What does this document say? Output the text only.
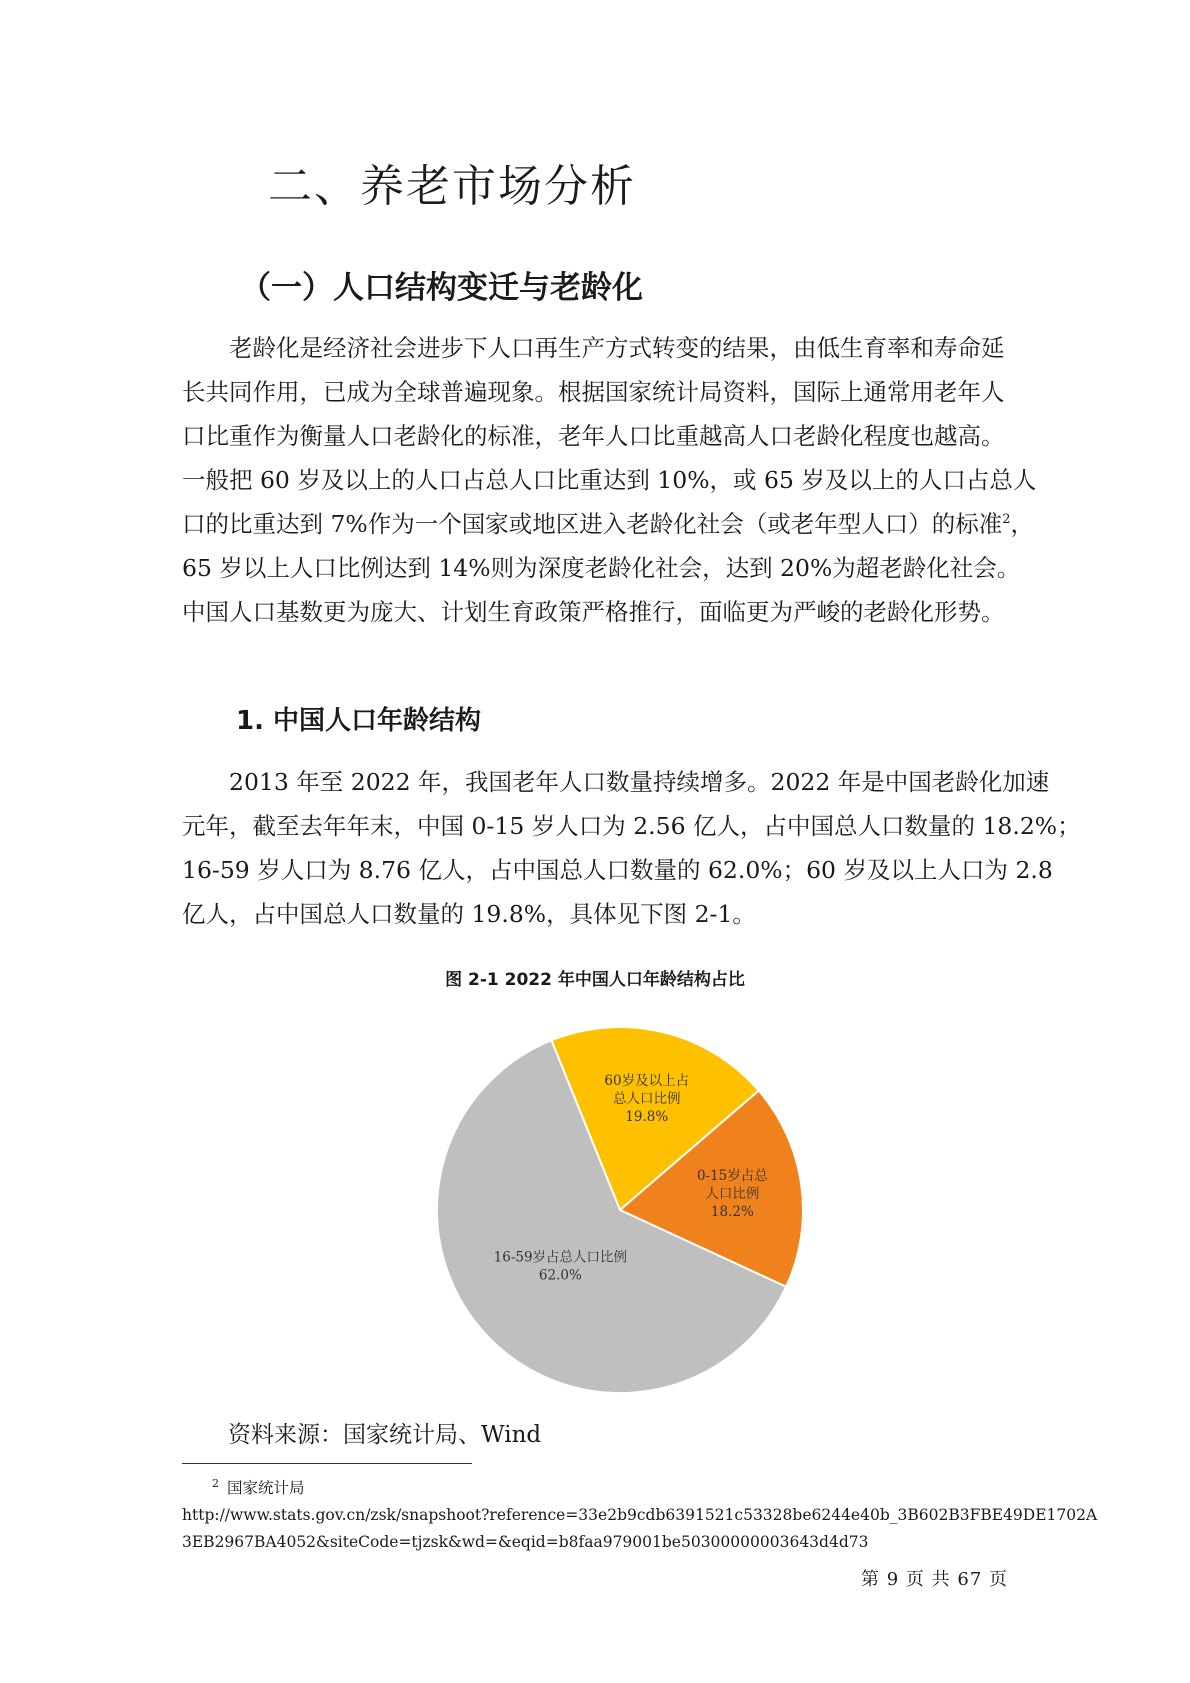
二、养老市场分析
（一）人口结构变迁与老龄化
老龄化是经济社会进步下人口再生产方式转变的结果，由低生育率和寿命延
长共同作用，已成为全球普遍现象。根据国家统计局资料，国际上通常用老年人
口比重作为衡量人口老龄化的标准，老年人口比重越高人口老龄化程度也越高。
一般把 60 岁及以上的人口占总人口比重达到 10%，或 65 岁及以上的人口占总人
口的比重达到 7%作为一个国家或地区进入老龄化社会（或老年型人口）的标准$^2$，
65 岁以上人口比例达到 14%则为深度老龄化社会，达到 20%为超老龄化社会。
中国人口基数更为庞大、计划生育政策严格推行，面临更为严峻的老龄化形势。
1. 中国人口年龄结构
2013 年至 2022 年，我国老年人口数量持续增多。2022 年是中国老龄化加速
元年，截至去年年末，中国 0-15 岁人口为 2.56 亿人，占中国总人口数量的 18.2%；
16-59 岁人口为 8.76 亿人，占中国总人口数量的 62.0%；60 岁及以上人口为 2.8
亿人，占中国总人口数量的 19.8%，具体见下图 2-1。

图 2-1 2022 年中国人口年龄结构占比

60岁及以上占
总人口比例
19.8%
0-15岁占总
人口比例
18.2%
16-59岁占总人口比例
62.0%

资料来源：国家统计局、Wind

$^2$ 国家统计局
http://www.stats.gov.cn/zsk/snapshoot?reference=33e2b9cdb6391521c53328be6244e40b_3B602B3FBE49DE1702A
3EB2967BA4052&siteCode=tjzsk&wd=&eqid=b8faa979001be50300000003643d4d73

第 9 页 共 67 页
